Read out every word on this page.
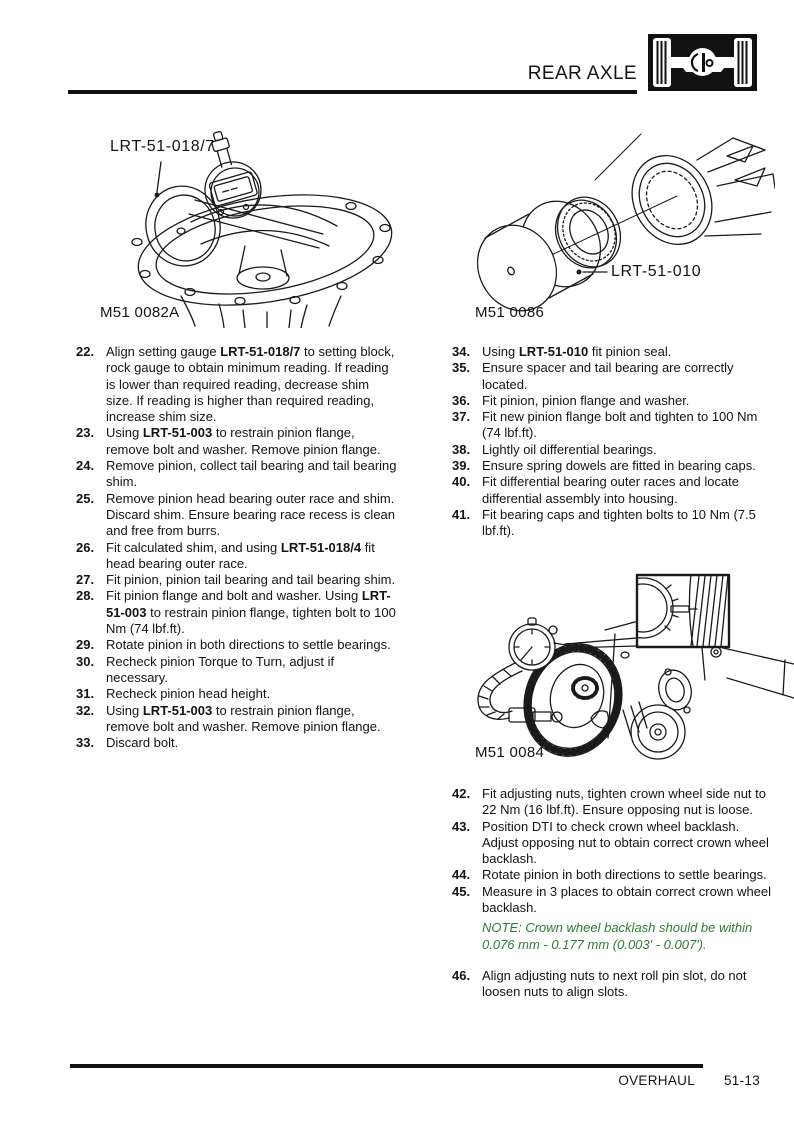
REAR AXLE
LRT-51-018/7
M51 0082A
LRT-51-010
M51 0086
M51 0084
22. Align setting gauge LRT-51-018/7 to setting block, rock gauge to obtain minimum reading. If reading is lower than required reading, decrease shim size. If reading is higher than required reading, increase shim size.
23. Using LRT-51-003 to restrain pinion flange, remove bolt and washer. Remove pinion flange.
24. Remove pinion, collect tail bearing and tail bearing shim.
25. Remove pinion head bearing outer race and shim. Discard shim. Ensure bearing race recess is clean and free from burrs.
26. Fit calculated shim, and using LRT-51-018/4 fit head bearing outer race.
27. Fit pinion, pinion tail bearing and tail bearing shim.
28. Fit pinion flange and bolt and washer. Using LRT-51-003 to restrain pinion flange, tighten bolt to 100 Nm (74 lbf.ft).
29. Rotate pinion in both directions to settle bearings.
30. Recheck pinion Torque to Turn, adjust if necessary.
31. Recheck pinion head height.
32. Using LRT-51-003 to restrain pinion flange, remove bolt and washer. Remove pinion flange.
33. Discard bolt.
34. Using LRT-51-010 fit pinion seal.
35. Ensure spacer and tail bearing are correctly located.
36. Fit pinion, pinion flange and washer.
37. Fit new pinion flange bolt and tighten to 100 Nm (74 lbf.ft).
38. Lightly oil differential bearings.
39. Ensure spring dowels are fitted in bearing caps.
40. Fit differential bearing outer races and locate differential assembly into housing.
41. Fit bearing caps and tighten bolts to 10 Nm (7.5 lbf.ft).
42. Fit adjusting nuts, tighten crown wheel side nut to 22 Nm (16 lbf.ft). Ensure opposing nut is loose.
43. Position DTI to check crown wheel backlash. Adjust opposing nut to obtain correct crown wheel backlash.
44. Rotate pinion in both directions to settle bearings.
45. Measure in 3 places to obtain correct crown wheel backlash.
NOTE: Crown wheel backlash should be within 0.076 mm - 0.177 mm (0.003' - 0.007').
46. Align adjusting nuts to next roll pin slot, do not loosen nuts to align slots.
OVERHAUL 51-13
